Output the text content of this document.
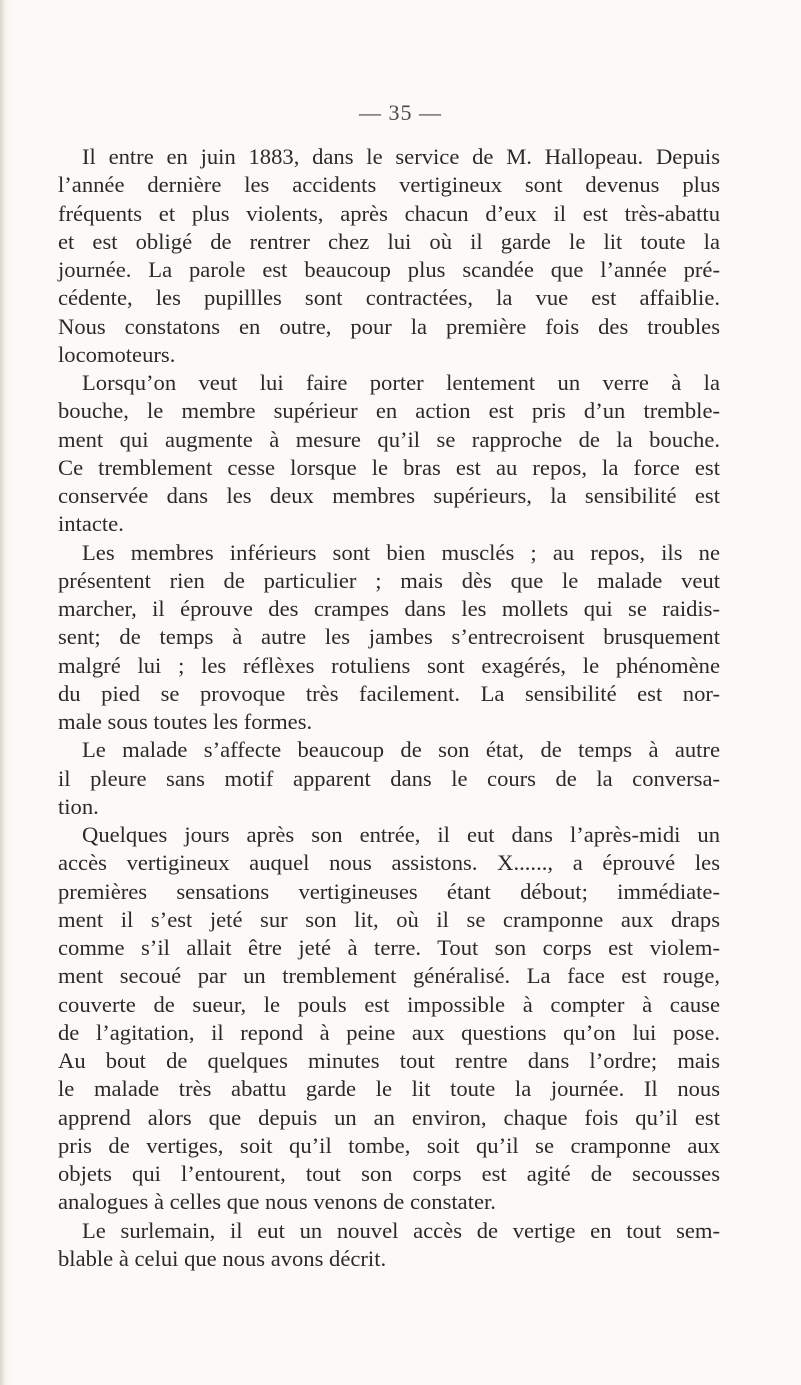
— 35 —
Il entre en juin 1883, dans le service de M. Hallopeau. Depuis
l’année dernière les accidents vertigineux sont devenus plus
fréquents et plus violents, après chacun d’eux il est très-abattu
et est obligé de rentrer chez lui où il garde le lit toute la
journée. La parole est beaucoup plus scandée que l’année pré-
cédente, les pupillles sont contractées, la vue est affaiblie.
Nous constatons en outre, pour la première fois des troubles
locomoteurs.
Lorsqu’on veut lui faire porter lentement un verre à la
bouche, le membre supérieur en action est pris d’un tremble-
ment qui augmente à mesure qu’il se rapproche de la bouche.
Ce tremblement cesse lorsque le bras est au repos, la force est
conservée dans les deux membres supérieurs, la sensibilité est
intacte.
Les membres inférieurs sont bien musclés ; au repos, ils ne
présentent rien de particulier ; mais dès que le malade veut
marcher, il éprouve des crampes dans les mollets qui se raidis-
sent; de temps à autre les jambes s’entrecroisent brusquement
malgré lui ; les réflèxes rotuliens sont exagérés, le phénomène
du pied se provoque très facilement. La sensibilité est nor-
male sous toutes les formes.
Le malade s’affecte beaucoup de son état, de temps à autre
il pleure sans motif apparent dans le cours de la conversa-
tion.
Quelques jours après son entrée, il eut dans l’après-midi un
accès vertigineux auquel nous assistons. X......, a éprouvé les
premières sensations vertigineuses étant débout; immédiate-
ment il s’est jeté sur son lit, où il se cramponne aux draps
comme s’il allait être jeté à terre. Tout son corps est violem-
ment secoué par un tremblement généralisé. La face est rouge,
couverte de sueur, le pouls est impossible à compter à cause
de l’agitation, il repond à peine aux questions qu’on lui pose.
Au bout de quelques minutes tout rentre dans l’ordre; mais
le malade très abattu garde le lit toute la journée. Il nous
apprend alors que depuis un an environ, chaque fois qu’il est
pris de vertiges, soit qu’il tombe, soit qu’il se cramponne aux
objets qui l’entourent, tout son corps est agité de secousses
analogues à celles que nous venons de constater.
Le surlemain, il eut un nouvel accès de vertige en tout sem-
blable à celui que nous avons décrit.
